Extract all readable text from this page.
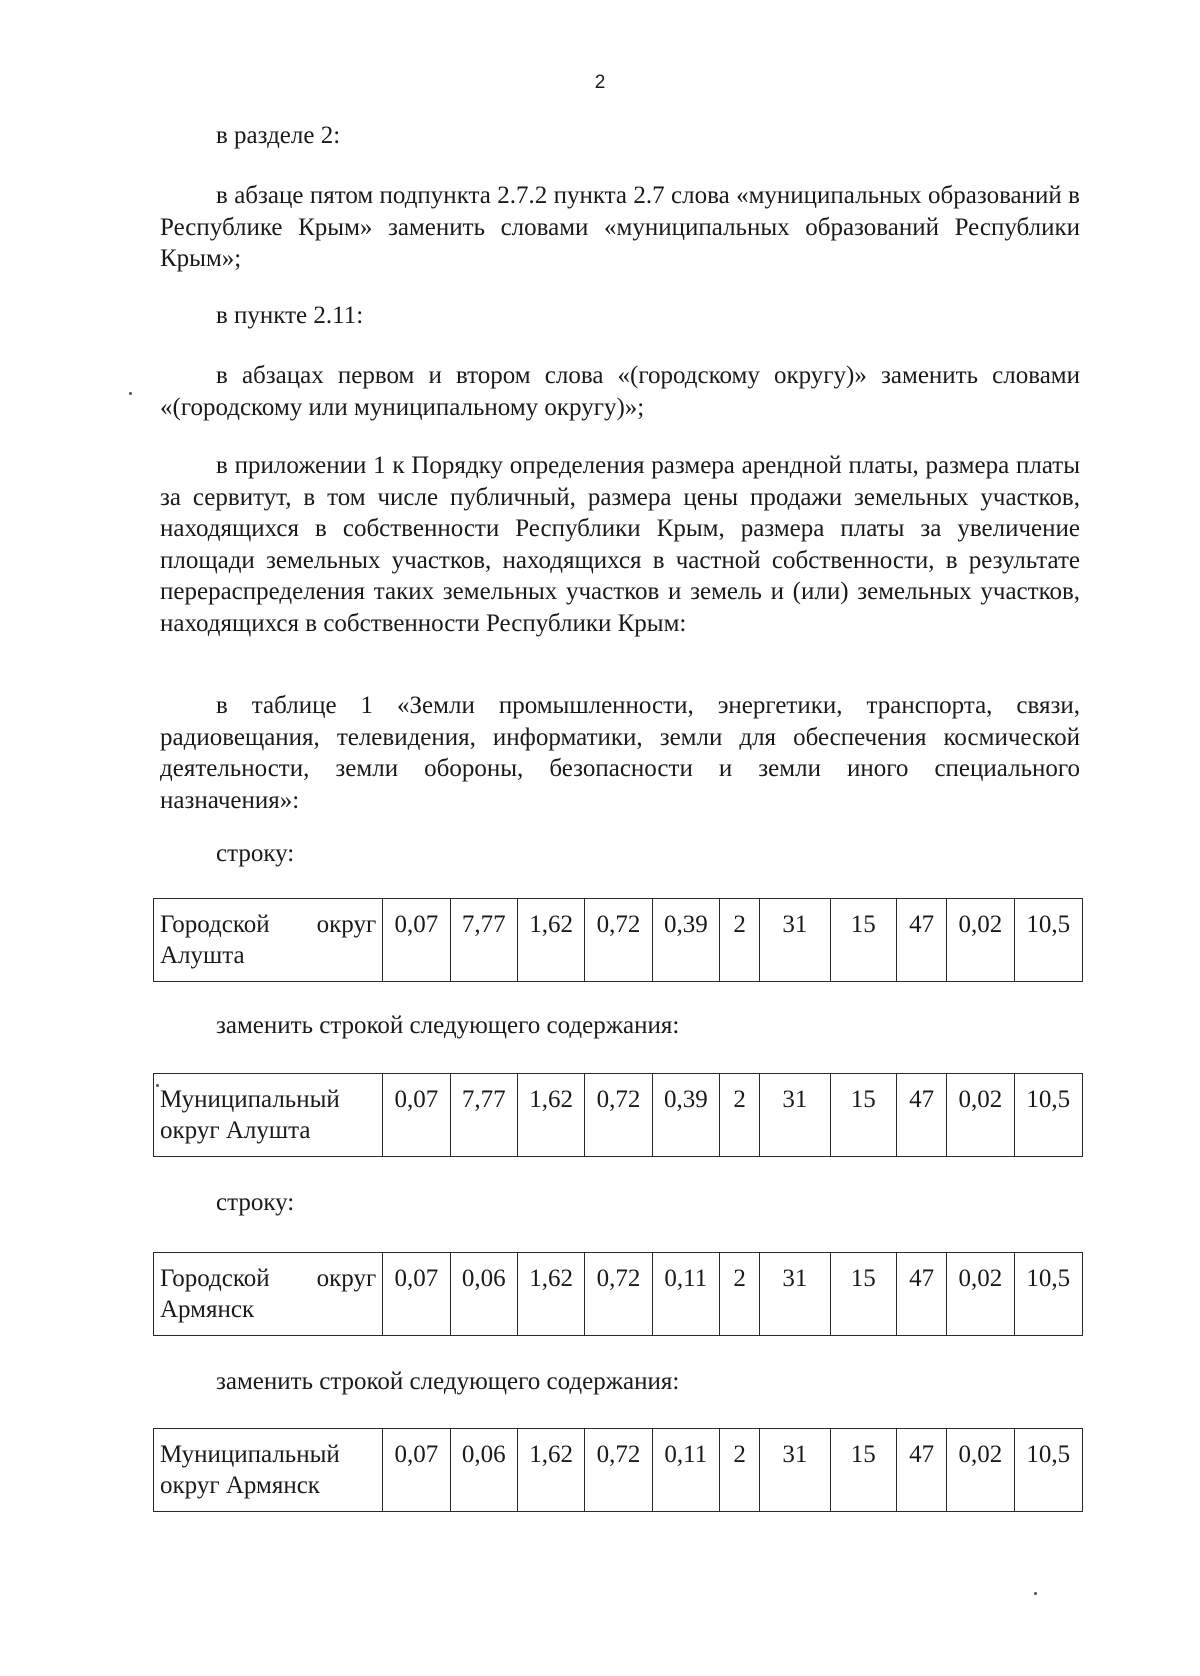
2

в разделе 2:

в абзаце пятом подпункта 2.7.2 пункта 2.7 слова «муниципальных образований в Республике Крым» заменить словами «муниципальных образований Республики Крым»;

в пункте 2.11:

в абзацах первом и втором слова «(городскому округу)» заменить словами «(городскому или муниципальному округу)»;

в приложении 1 к Порядку определения размера арендной платы, размера платы за сервитут, в том числе публичный, размера цены продажи земельных участков, находящихся в собственности Республики Крым, размера платы за увеличение площади земельных участков, находящихся в частной собственности, в результате перераспределения таких земельных участков и земель и (или) земельных участков, находящихся в собственности Республики Крым:

в таблице 1 «Земли промышленности, энергетики, транспорта, связи, радиовещания, телевидения, информатики, земли для обеспечения космической деятельности, земли обороны, безопасности и земли иного специального назначения»:

строку:

Городской округ Алушта	0,07	7,77	1,62	0,72	0,39	2	31	15	47	0,02	10,5

заменить строкой следующего содержания:

Муниципальный округ Алушта	0,07	7,77	1,62	0,72	0,39	2	31	15	47	0,02	10,5

строку:

Городской округ Армянск	0,07	0,06	1,62	0,72	0,11	2	31	15	47	0,02	10,5

заменить строкой следующего содержания:

Муниципальный округ Армянск	0,07	0,06	1,62	0,72	0,11	2	31	15	47	0,02	10,5
